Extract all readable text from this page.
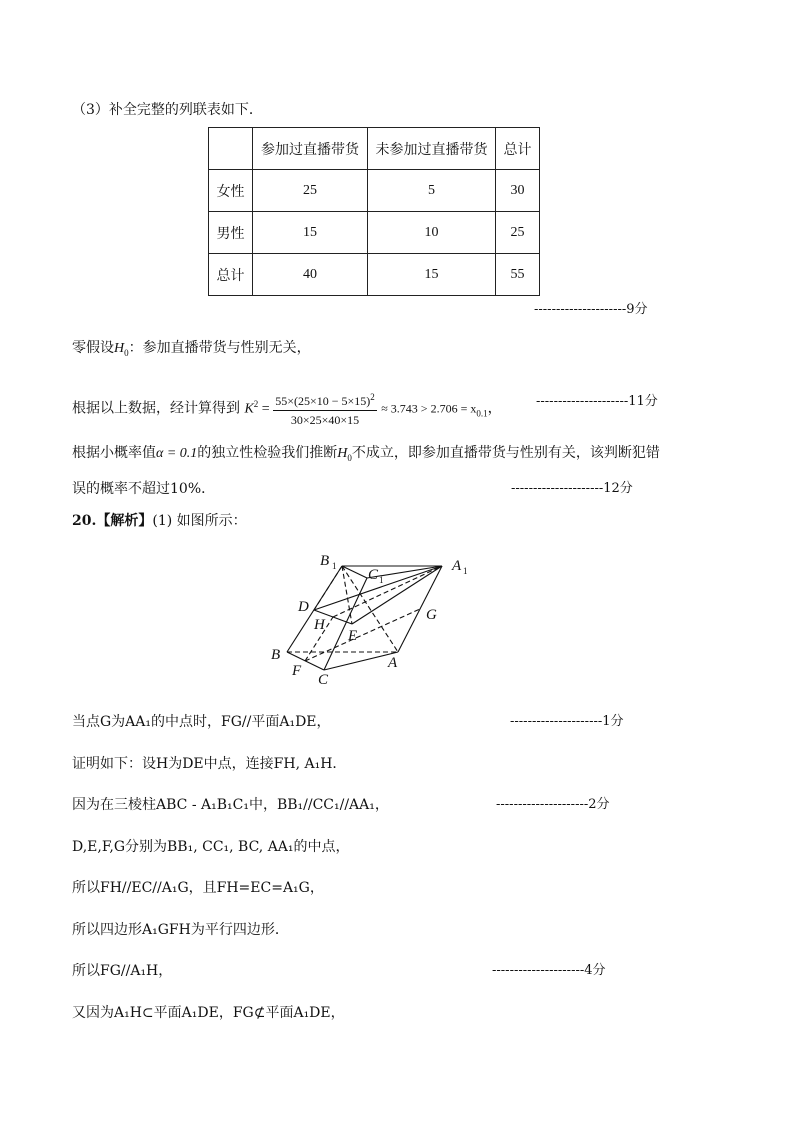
（3）补全完整的列联表如下．
	参加过直播带货	未参加过直播带货	总计
女性	25	5	30
男性	15	10	25
总计	40	15	55
---------------------9分
零假设$H_0$：参加直播带货与性别无关，
根据以上数据，经计算得到 $K^2 = \frac{55\times(25\times 10 - 5\times 15)^2}{30\times 25\times 40\times 15} \approx 3.743 > 2.706 = x_{0.1}$，	---------------------11分
根据小概率值α = 0.1的独立性检验我们推断$H_0$不成立，即参加直播带货与性别有关，该判断犯错
误的概率不超过10%．	---------------------12分
20.【解析】(1) 如图所示：
B 1
C 1
A 1
D
H
E
G
B
F
C
A
当点G为AA₁的中点时，FG//平面A₁DE，	---------------------1分
证明如下：设H为DE中点，连接FH, A₁H．
因为在三棱柱ABC - A₁B₁C₁中，BB₁//CC₁//AA₁，	---------------------2分
D,E,F,G分别为BB₁, CC₁, BC, AA₁的中点，
所以FH//EC//A₁G，且FH=EC=A₁G，
所以四边形A₁GFH为平行四边形．
所以FG//A₁H，	---------------------4分
又因为A₁H⊂平面A₁DE，FG⊄平面A₁DE，
